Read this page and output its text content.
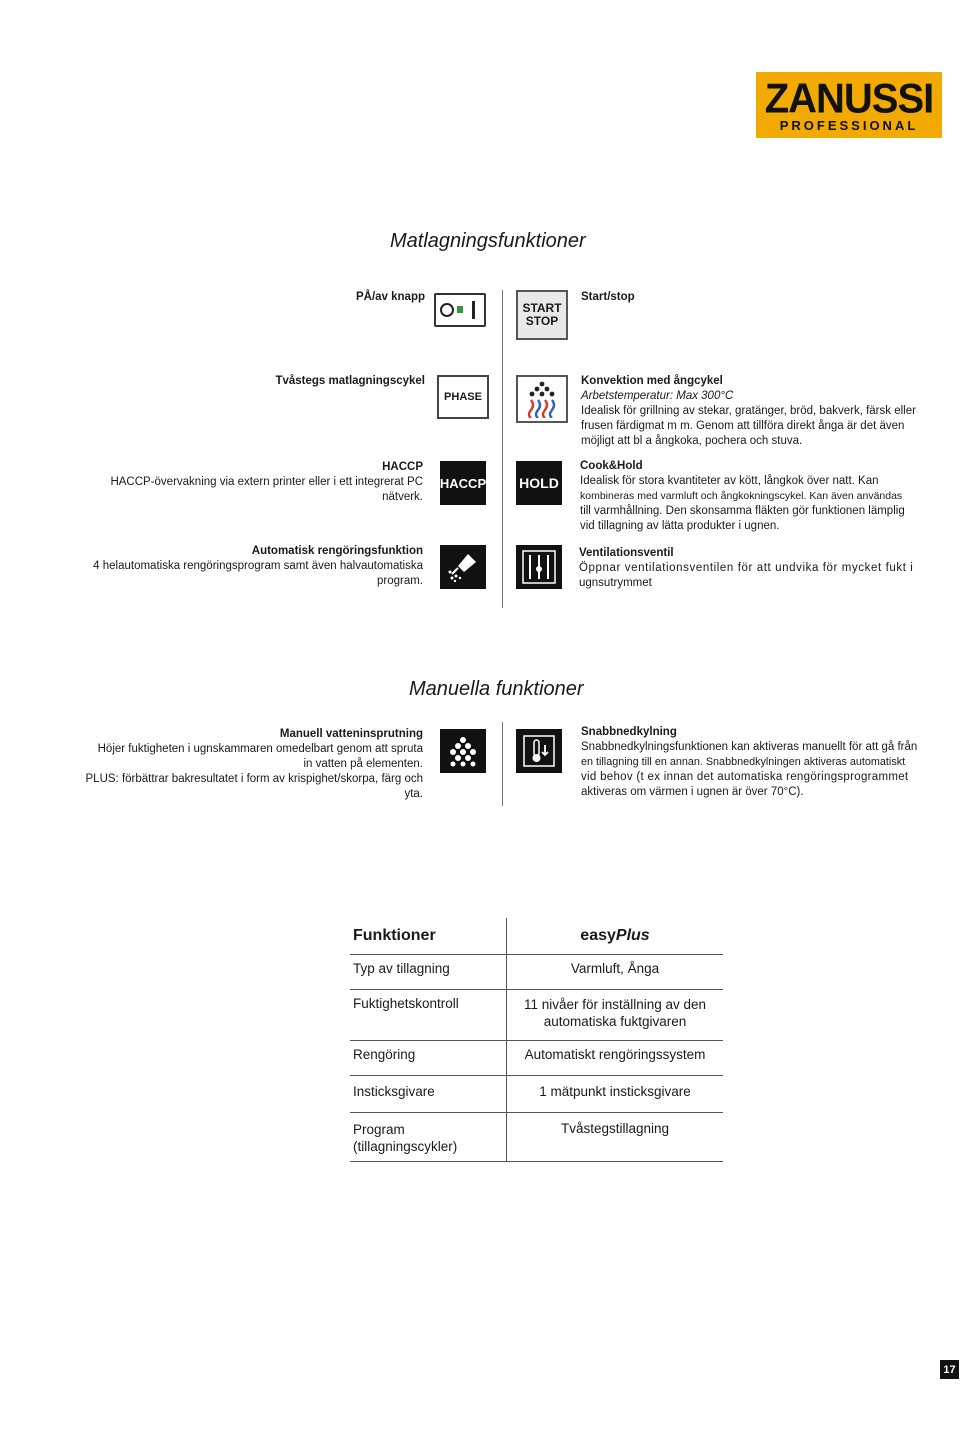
ZANUSSI
PROFESSIONAL
Matlagningsfunktioner
PÅ/av knapp
START
STOP
Start/stop
Tvåstegs matlagningscykel
PHASE
Konvektion med ångcykel
Arbetstemperatur: Max 300°C
Idealisk för grillning av stekar, gratänger, bröd, bakverk, färsk eller
frusen färdigmat m m. Genom att tillföra direkt ånga är det även
möjligt att bl a ångkoka, pochera och stuva.
HACCP
HACCP-övervakning via extern printer eller i ett integrerat PC
nätverk.
HACCP HOLD
Cook&Hold
Idealisk för stora kvantiteter av kött, långkok över natt. Kan
kombineras med varmluft och ångkokningscykel. Kan även användas
till varmhållning. Den skonsamma fläkten gör funktionen lämplig
vid tillagning av lätta produkter i ugnen.
Automatisk rengöringsfunktion
4 helautomatiska rengöringsprogram samt även halvautomatiska
program.
Ventilationsventil
Öppnar ventilationsventilen för att undvika för mycket fukt i
ugnsutrymmet
Manuella funktioner
Manuell vatteninsprutning
Höjer fuktigheten i ugnskammaren omedelbart genom att spruta
in vatten på elementen.
PLUS: förbättrar bakresultatet i form av krispighet/skorpa, färg och
yta.
Snabbnedkylning
Snabbnedkylningsfunktionen kan aktiveras manuellt för att gå från
en tillagning till en annan. Snabbnedkylningen aktiveras automatiskt
vid behov (t ex innan det automatiska rengöringsprogrammet
aktiveras om värmen i ugnen är över 70°C).
Funktioner	easyPlus
Typ av tillagning	Varmluft, Ånga
Fuktighetskontroll	11 nivåer för inställning av den automatiska fuktgivaren
Rengöring	Automatiskt rengöringssystem
Insticksgivare	1 mätpunkt insticksgivare
Program (tillagningscykler)	Tvåstegstillagning
17
